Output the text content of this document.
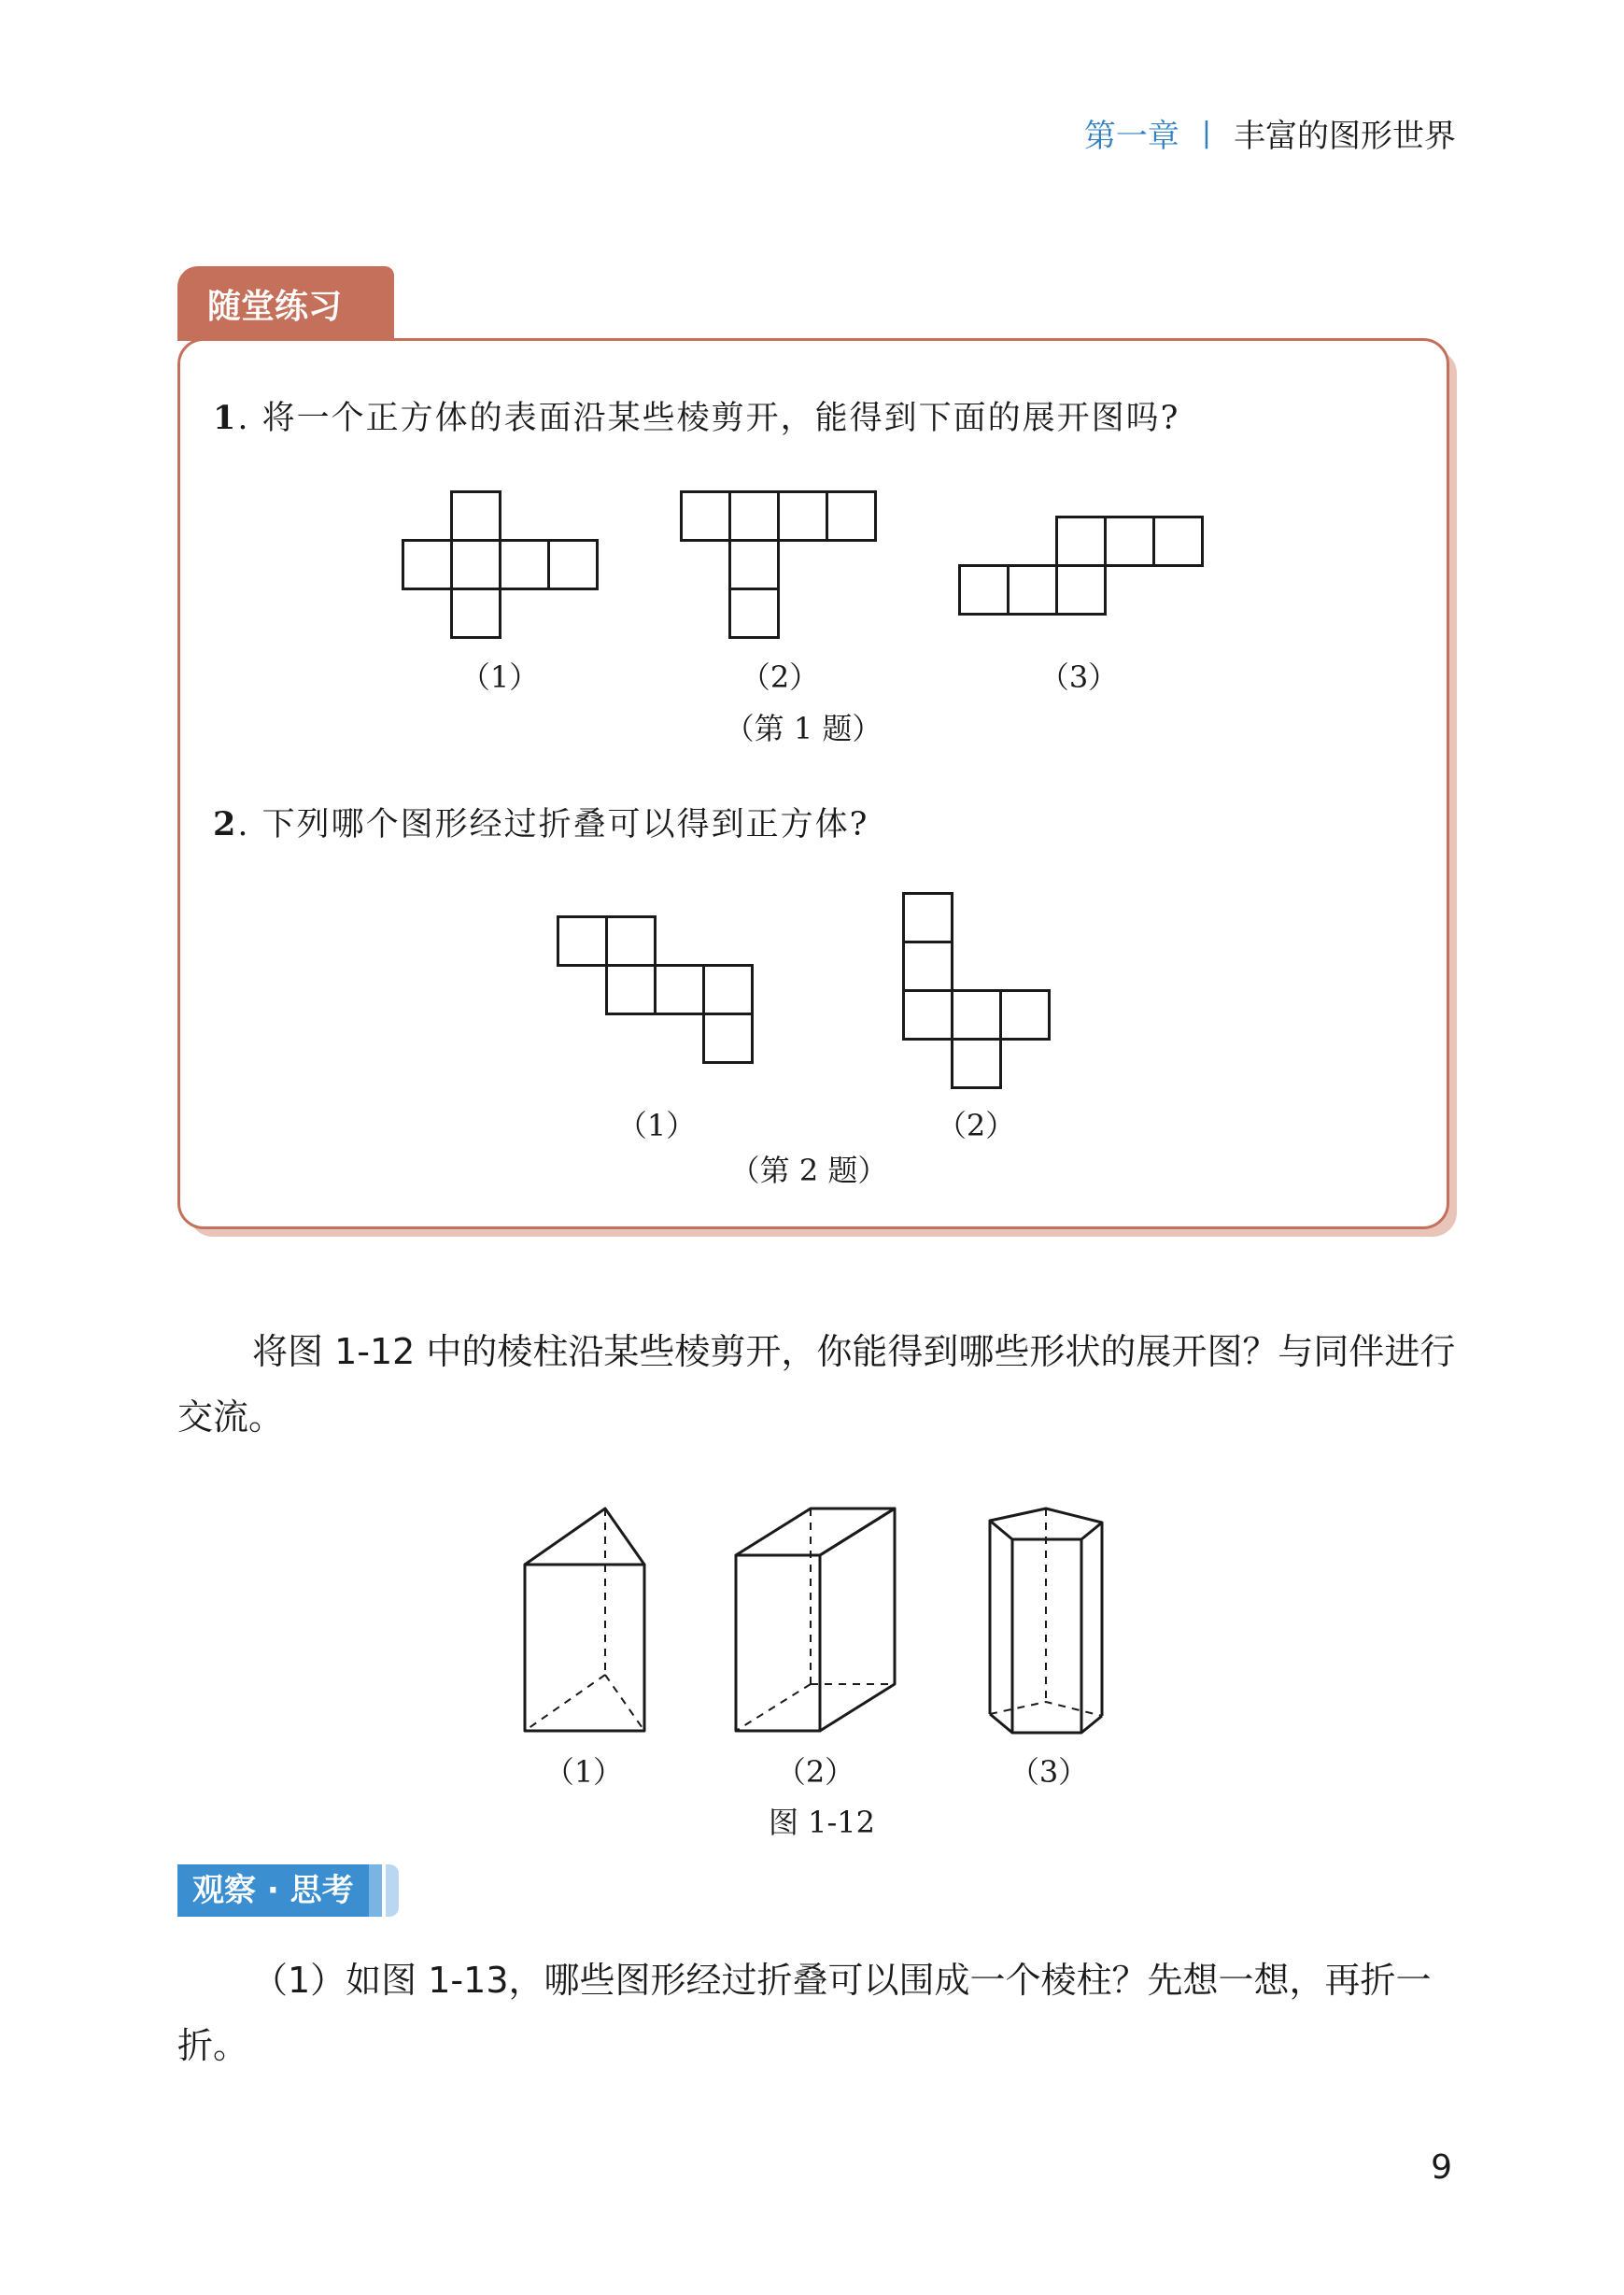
第一章 | 丰富的图形世界
随堂练习
1. 将一个正方体的表面沿某些棱剪开，能得到下面的展开图吗?
（1）	（2）	（3）
（第 1 题）
2. 下列哪个图形经过折叠可以得到正方体?
（1）	（2）
（第 2 题）
将图 1-12 中的棱柱沿某些棱剪开，你能得到哪些形状的展开图？与同伴进行交流。
（1）	（2）	（3）
图 1-12
观察 · 思考
（1）如图 1-13，哪些图形经过折叠可以围成一个棱柱？先想一想，再折一折。
9
